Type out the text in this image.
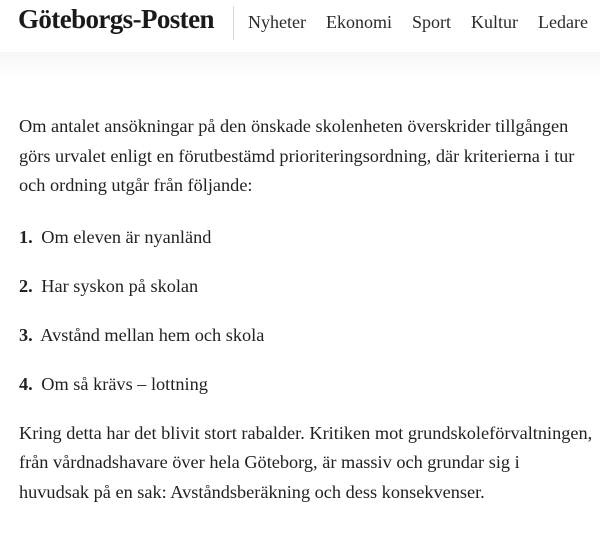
Göteborgs-Posten Nyheter Ekonomi Sport Kultur Ledare

Om antalet ansökningar på den önskade skolenheten överskrider tillgången görs urvalet enligt en förutbestämd prioriteringsordning, där kriterierna i tur och ordning utgår från följande:

1. Om eleven är nyanländ

2. Har syskon på skolan

3. Avstånd mellan hem och skola

4. Om så krävs – lottning

Kring detta har det blivit stort rabalder. Kritiken mot grundskoleförvaltningen, från vårdnadshavare över hela Göteborg, är massiv och grundar sig i huvudsak på en sak: Avståndsberäkning och dess konsekvenser.
